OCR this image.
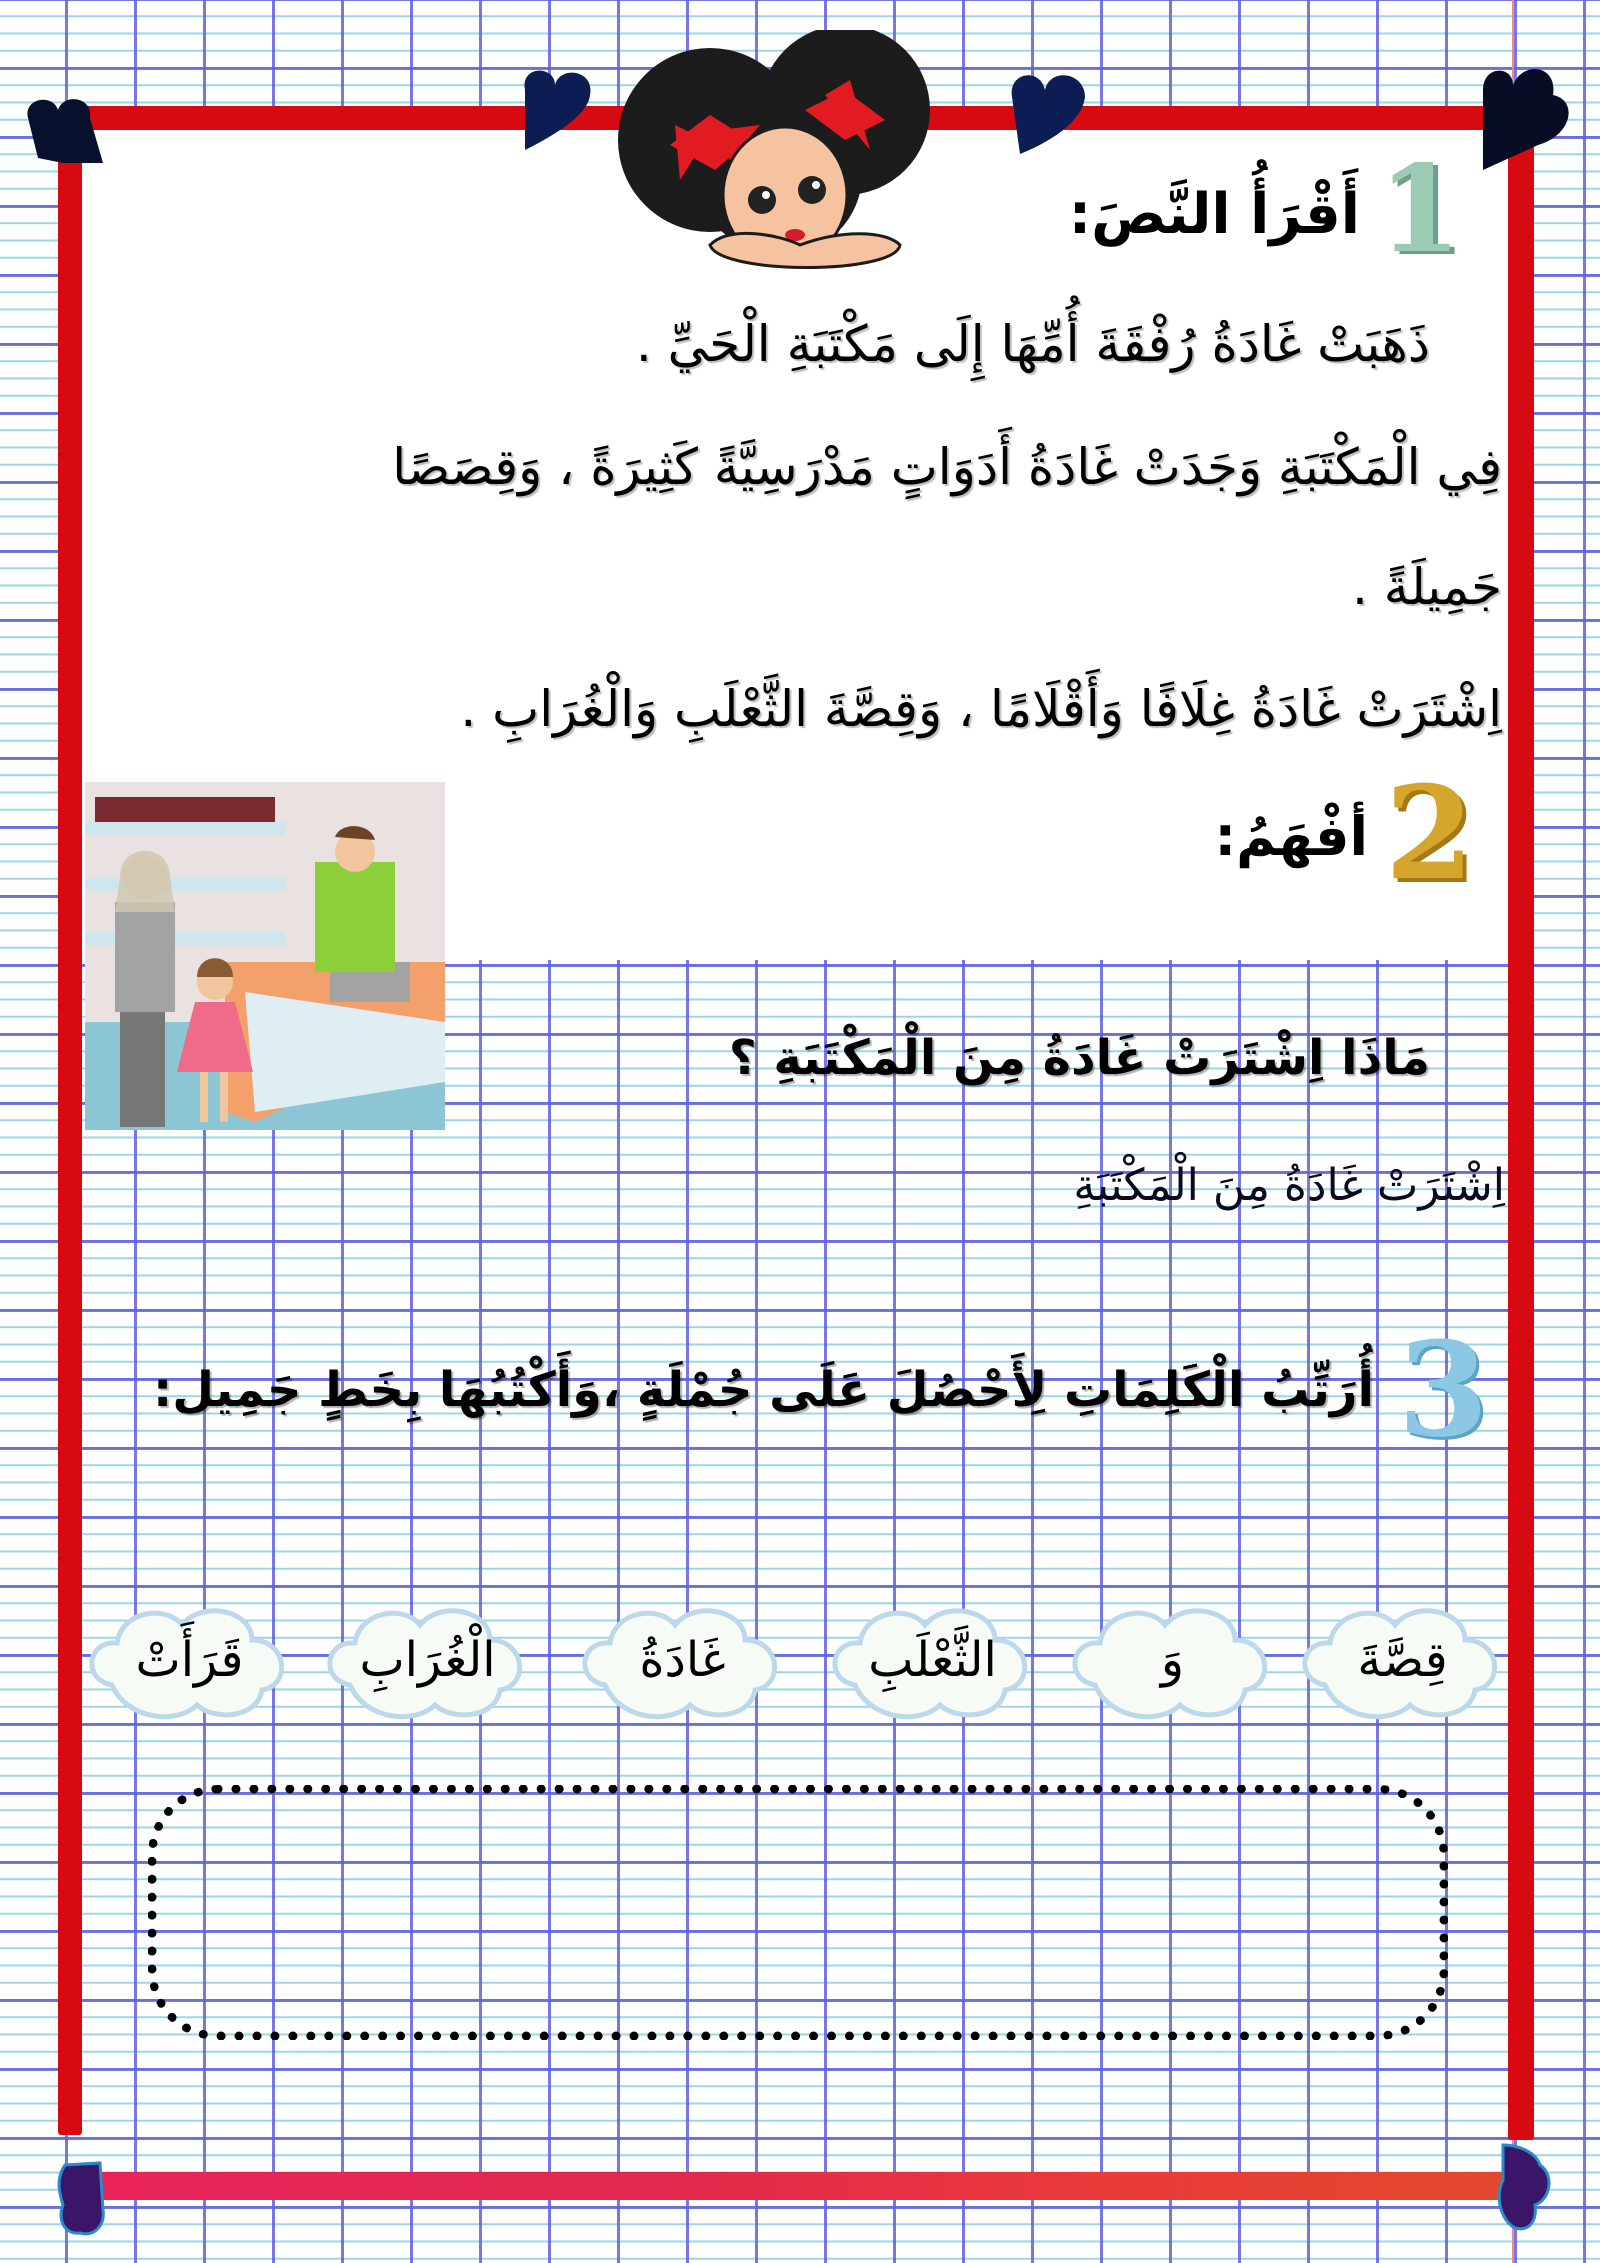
1
أَقْرَأُ النَّصَ:
ذَهَبَتْ غَادَةُ رُفْقَةَ أُمِّهَا إِلَى مَكْتَبَةِ الْحَيِّ .
فِي الْمَكْتَبَةِ وَجَدَتْ غَادَةُ أَدَوَاتٍ مَدْرَسِيَّةً كَثِيرَةً ، وَقِصَصًا
جَمِيلَةً .
اِشْتَرَتْ غَادَةُ غِلَافًا وَأَقْلَامًا ، وَقِصَّةَ الثَّعْلَبِ وَالْغُرَابِ .
2
أفْهَمُ:
مَاذَا اِشْتَرَتْ غَادَةُ مِنَ الْمَكْتَبَةِ ؟
اِشْتَرَتْ غَادَةُ مِنَ الْمَكْتَبَةِ
3
أُرَتِّبُ الْكَلِمَاتِ لِأَحْصُلَ عَلَى جُمْلَةٍ ،وَأَكْتُبُهَا بِخَطٍ جَمِيل:
قِصَّةَ
وَ
الثَّعْلَبِ
غَادَةُ
الْغُرَابِ
قَرَأَتْ
